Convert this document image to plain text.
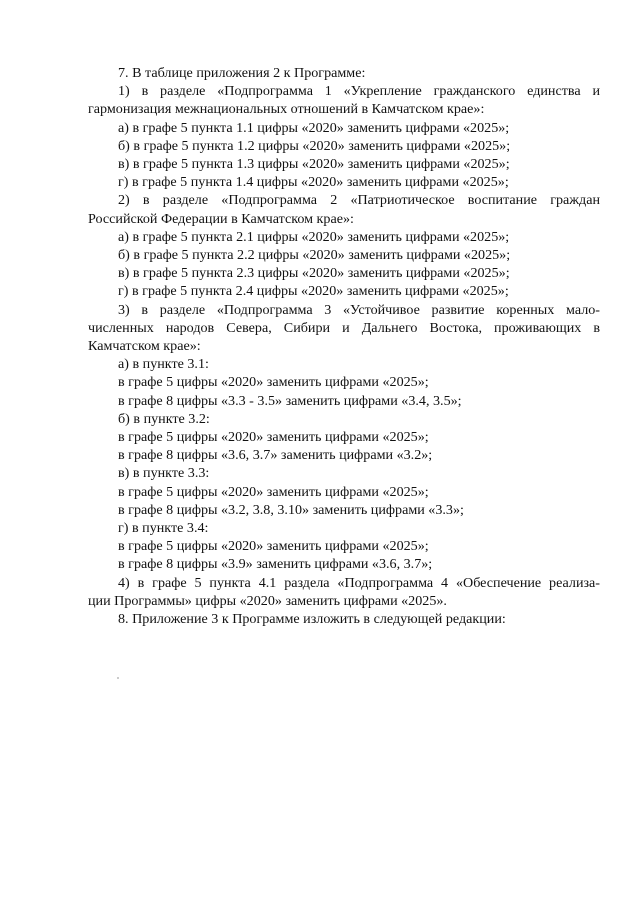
7. В таблице приложения 2 к Программе:
1) в разделе «Подпрограмма 1 «Укрепление гражданского единства и
гармонизация межнациональных отношений в Камчатском крае»:
а) в графе 5 пункта 1.1 цифры «2020» заменить цифрами «2025»;
б) в графе 5 пункта 1.2 цифры «2020» заменить цифрами «2025»;
в) в графе 5 пункта 1.3 цифры «2020» заменить цифрами «2025»;
г) в графе 5 пункта 1.4 цифры «2020» заменить цифрами «2025»;
2) в разделе «Подпрограмма 2 «Патриотическое воспитание граждан
Российской Федерации в Камчатском крае»:
а) в графе 5 пункта 2.1 цифры «2020» заменить цифрами «2025»;
б) в графе 5 пункта 2.2 цифры «2020» заменить цифрами «2025»;
в) в графе 5 пункта 2.3 цифры «2020» заменить цифрами «2025»;
г) в графе 5 пункта 2.4 цифры «2020» заменить цифрами «2025»;
3) в разделе «Подпрограмма 3 «Устойчивое развитие коренных мало-
численных народов Севера, Сибири и Дальнего Востока, проживающих в
Камчатском крае»:
а) в пункте 3.1:
в графе 5 цифры «2020» заменить цифрами «2025»;
в графе 8 цифры «3.3 - 3.5» заменить цифрами «3.4, 3.5»;
б) в пункте 3.2:
в графе 5 цифры «2020» заменить цифрами «2025»;
в графе 8 цифры «3.6, 3.7» заменить цифрами «3.2»;
в) в пункте 3.3:
в графе 5 цифры «2020» заменить цифрами «2025»;
в графе 8 цифры «3.2, 3.8, 3.10» заменить цифрами «3.3»;
г) в пункте 3.4:
в графе 5 цифры «2020» заменить цифрами «2025»;
в графе 8 цифры «3.9» заменить цифрами «3.6, 3.7»;
4) в графе 5 пункта 4.1 раздела «Подпрограмма 4 «Обеспечение реализа-
ции Программы» цифры «2020» заменить цифрами «2025».
8. Приложение 3 к Программе изложить в следующей редакции:
